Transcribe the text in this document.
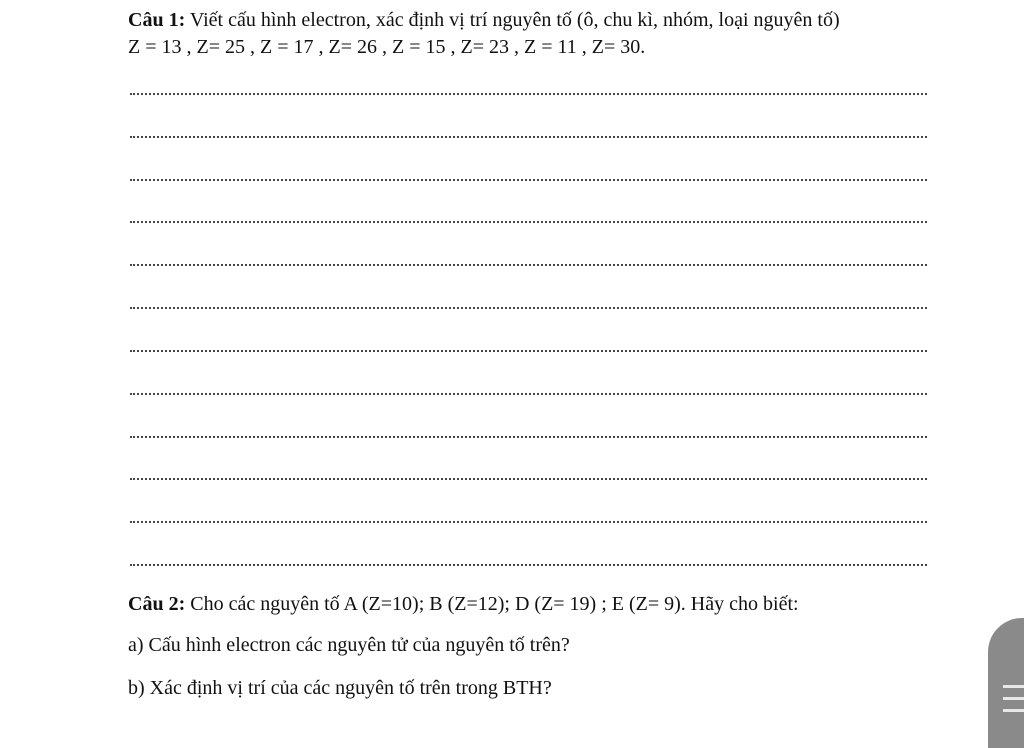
Câu 1: Viết cấu hình electron, xác định vị trí nguyên tố (ô, chu kì, nhóm, loại nguyên tố)
Z = 13 , Z= 25 , Z = 17 , Z= 26 , Z = 15 , Z= 23 , Z = 11 , Z= 30.
Câu 2: Cho các nguyên tố A (Z=10); B (Z=12); D (Z= 19) ; E (Z= 9). Hãy cho biết:
a) Cấu hình electron các nguyên tử của nguyên tố trên?
b) Xác định vị trí của các nguyên tố trên trong BTH?
